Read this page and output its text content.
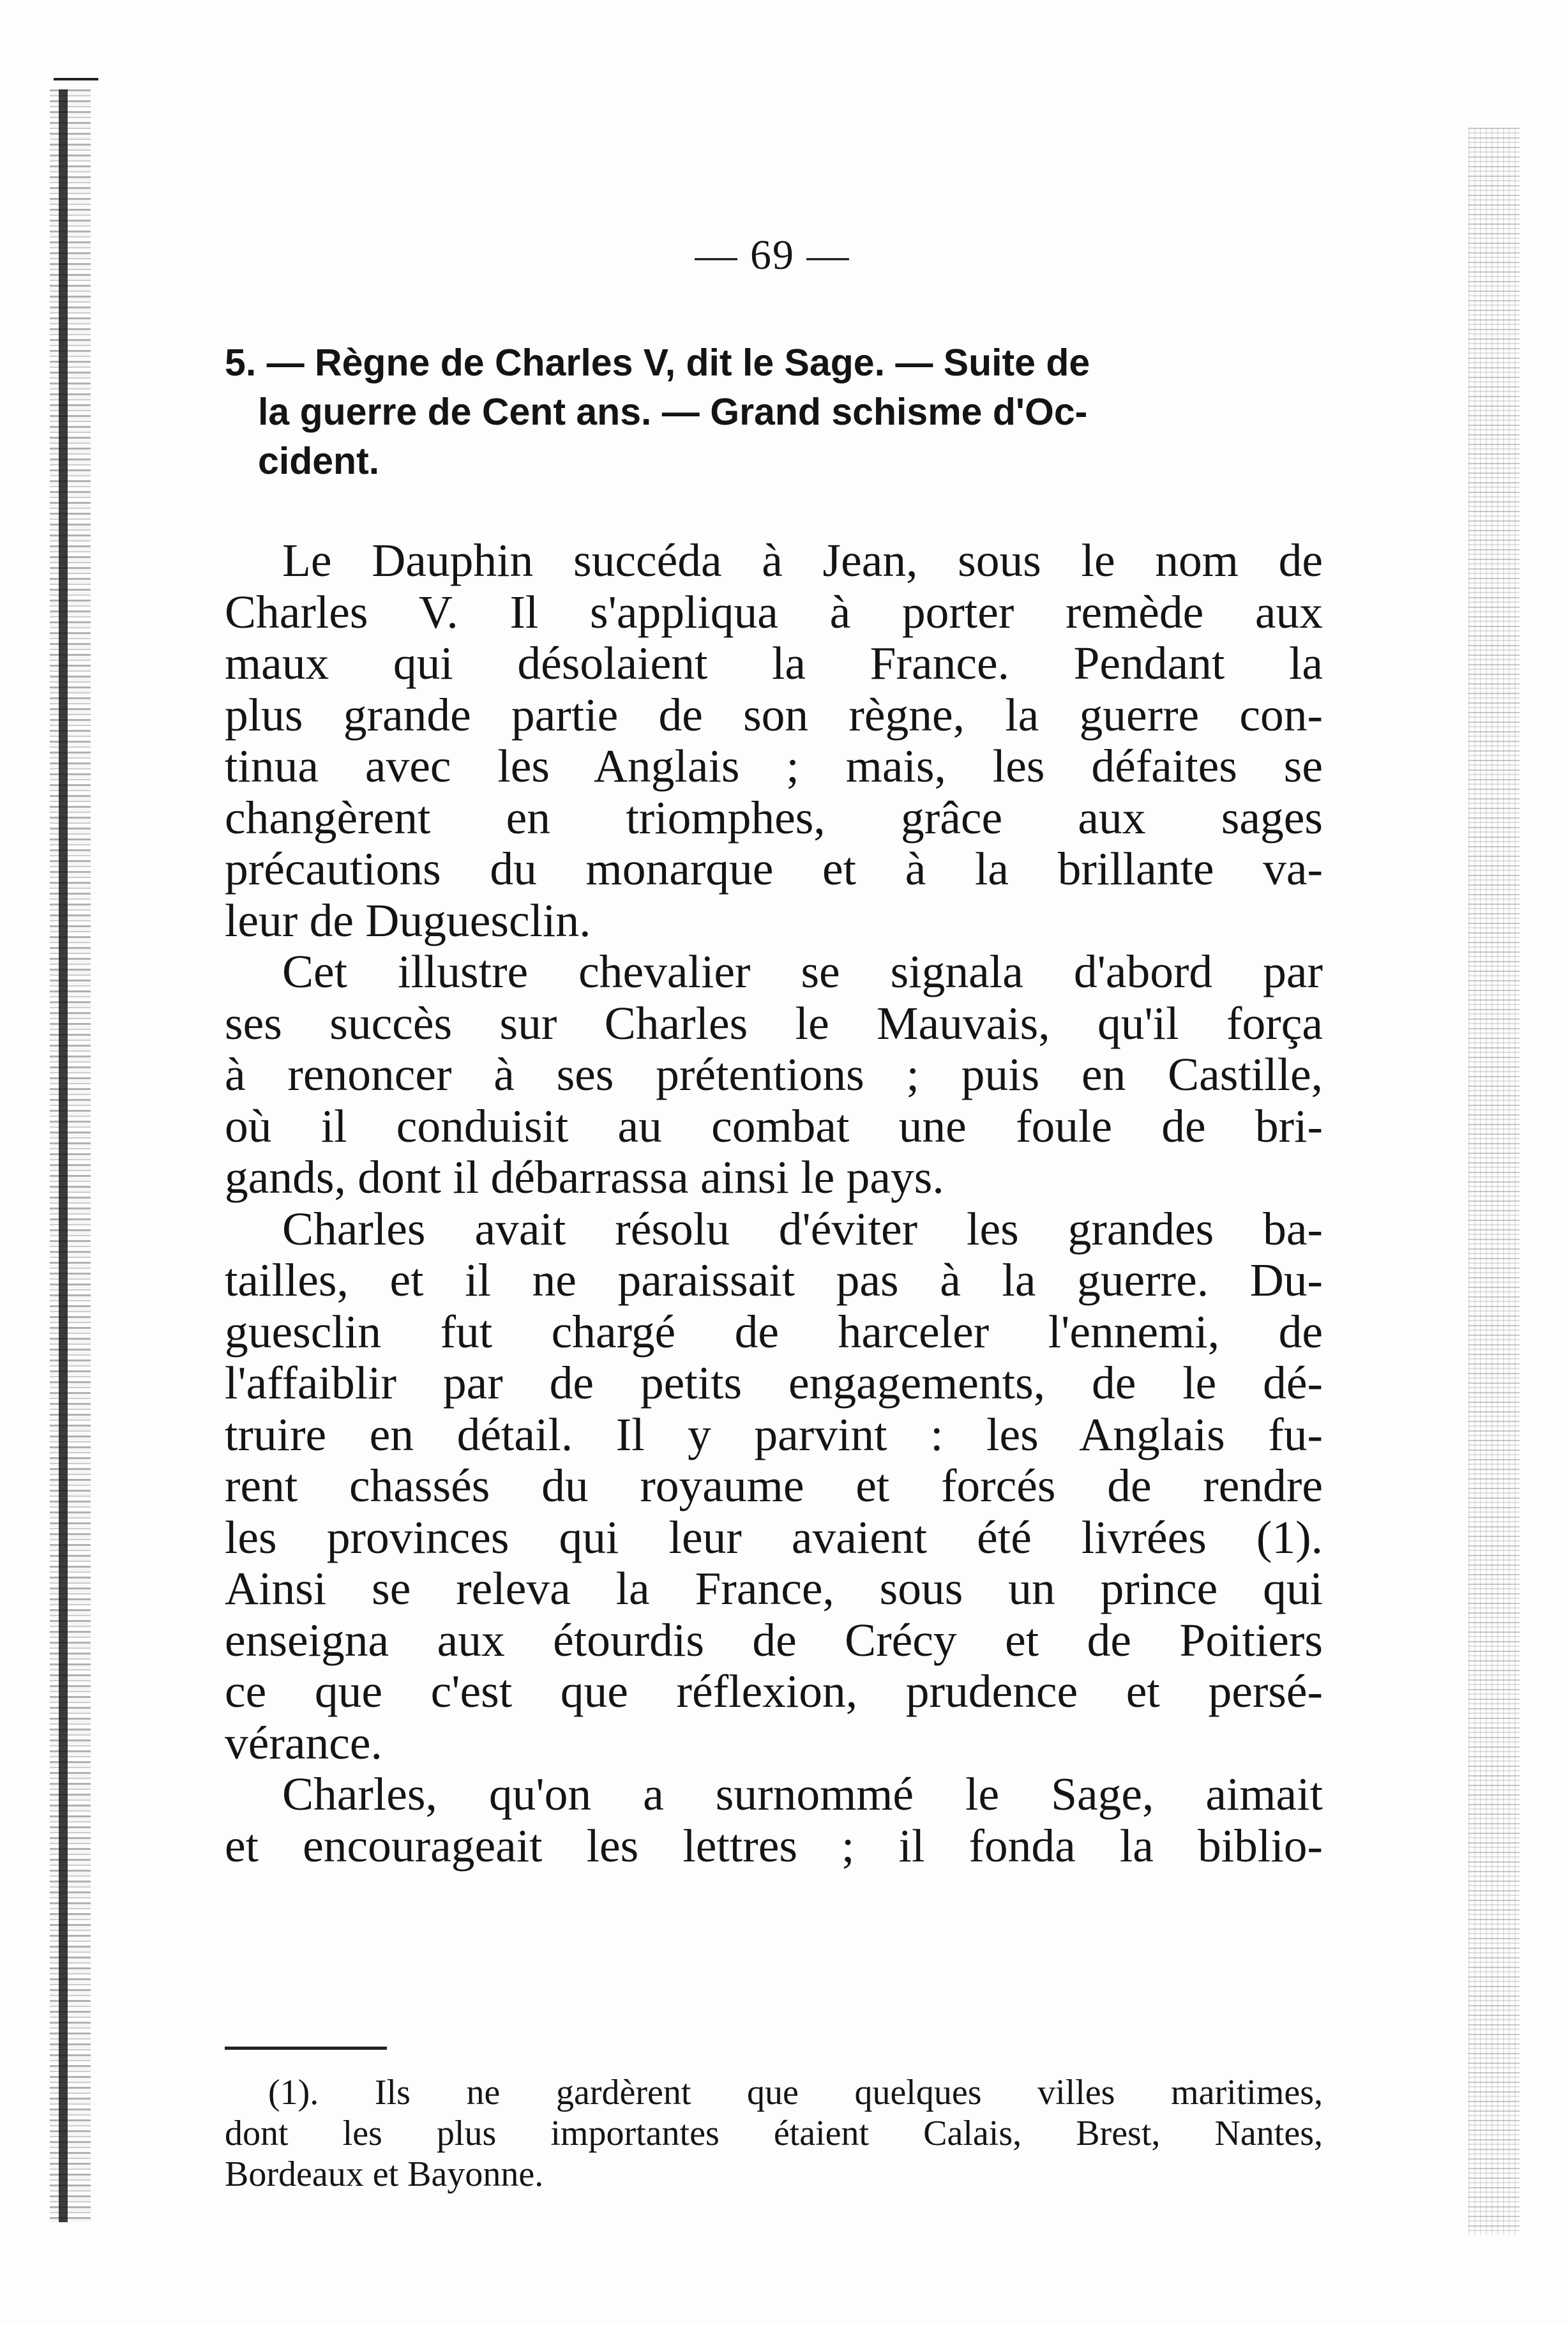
— 69 —
5. — Règne de Charles V, dit le Sage. — Suite de
la guerre de Cent ans. — Grand schisme d'Oc-
cident.
Le Dauphin succéda à Jean, sous le nom de
Charles V. Il s'appliqua à porter remède aux
maux qui désolaient la France. Pendant la
plus grande partie de son règne, la guerre con-
tinua avec les Anglais ; mais, les défaites se
changèrent en triomphes, grâce aux sages
précautions du monarque et à la brillante va-
leur de Duguesclin.
Cet illustre chevalier se signala d'abord par
ses succès sur Charles le Mauvais, qu'il força
à renoncer à ses prétentions ; puis en Castille,
où il conduisit au combat une foule de bri-
gands, dont il débarrassa ainsi le pays.
Charles avait résolu d'éviter les grandes ba-
tailles, et il ne paraissait pas à la guerre. Du-
guesclin fut chargé de harceler l'ennemi, de
l'affaiblir par de petits engagements, de le dé-
truire en détail. Il y parvint : les Anglais fu-
rent chassés du royaume et forcés de rendre
les provinces qui leur avaient été livrées (1).
Ainsi se releva la France, sous un prince qui
enseigna aux étourdis de Crécy et de Poitiers
ce que c'est que réflexion, prudence et persé-
vérance.
Charles, qu'on a surnommé le Sage, aimait
et encourageait les lettres ; il fonda la biblio-
(1). Ils ne gardèrent que quelques villes maritimes,
dont les plus importantes étaient Calais, Brest, Nantes,
Bordeaux et Bayonne.
